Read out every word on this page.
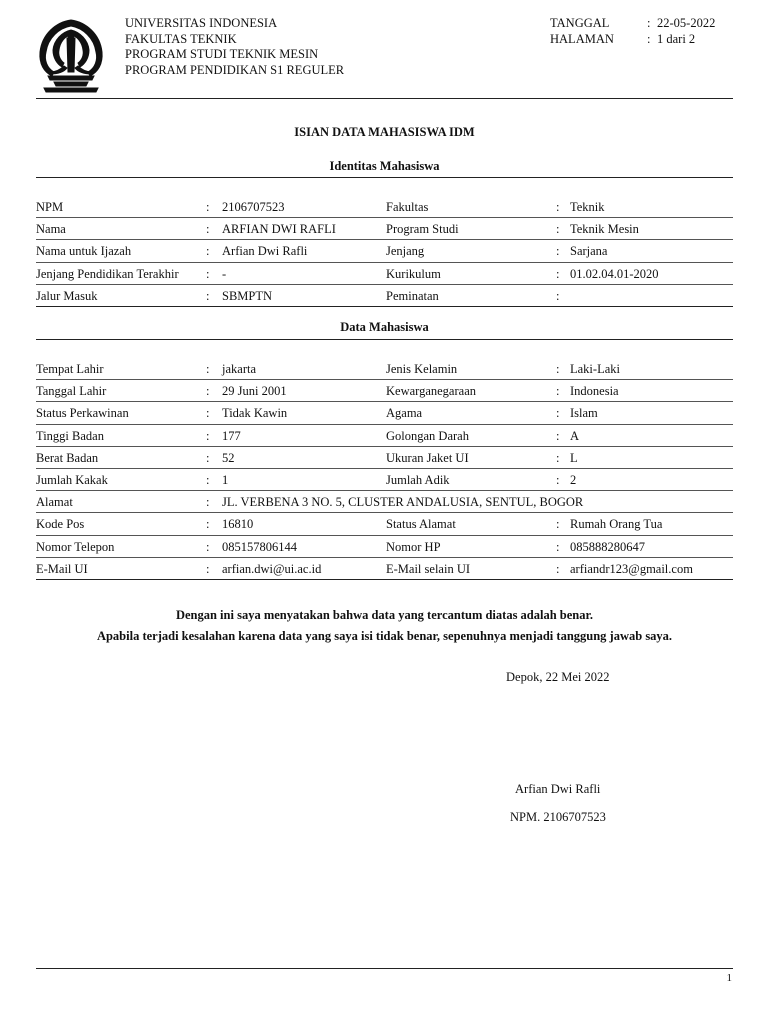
UNIVERSITAS INDONESIA
FAKULTAS TEKNIK
PROGRAM STUDI TEKNIK MESIN
PROGRAM PENDIDIKAN S1 REGULER
TANGGAL	: 22-05-2022
HALAMAN	: 1 dari 2
ISIAN DATA MAHASISWA IDM
Identitas Mahasiswa
NPM	: 2106707523	Fakultas	: Teknik
Nama	: ARFIAN DWI RAFLI	Program Studi	: Teknik Mesin
Nama untuk Ijazah	: Arfian Dwi Rafli	Jenjang	: Sarjana
Jenjang Pendidikan Terakhir : -	Kurikulum	: 01.02.04.01-2020
Jalur Masuk	: SBMPTN	Peminatan	:
Data Mahasiswa
Tempat Lahir	: jakarta	Jenis Kelamin	: Laki-Laki
Tanggal Lahir	: 29 Juni 2001	Kewarganegaraan	: Indonesia
Status Perkawinan	: Tidak Kawin	Agama	: Islam
Tinggi Badan	: 177	Golongan Darah	: A
Berat Badan	: 52	Ukuran Jaket UI	: L
Jumlah Kakak	: 1	Jumlah Adik	: 2
Alamat	: JL. VERBENA 3 NO. 5, CLUSTER ANDALUSIA, SENTUL, BOGOR
Kode Pos	: 16810	Status Alamat	: Rumah Orang Tua
Nomor Telepon	: 085157806144	Nomor HP	: 085888280647
E-Mail UI	: arfian.dwi@ui.ac.id	E-Mail selain UI	: arfiandr123@gmail.com
Dengan ini saya menyatakan bahwa data yang tercantum diatas adalah benar.
Apabila terjadi kesalahan karena data yang saya isi tidak benar, sepenuhnya menjadi tanggung jawab saya.
Depok, 22 Mei 2022
Arfian Dwi Rafli
NPM. 2106707523
1
